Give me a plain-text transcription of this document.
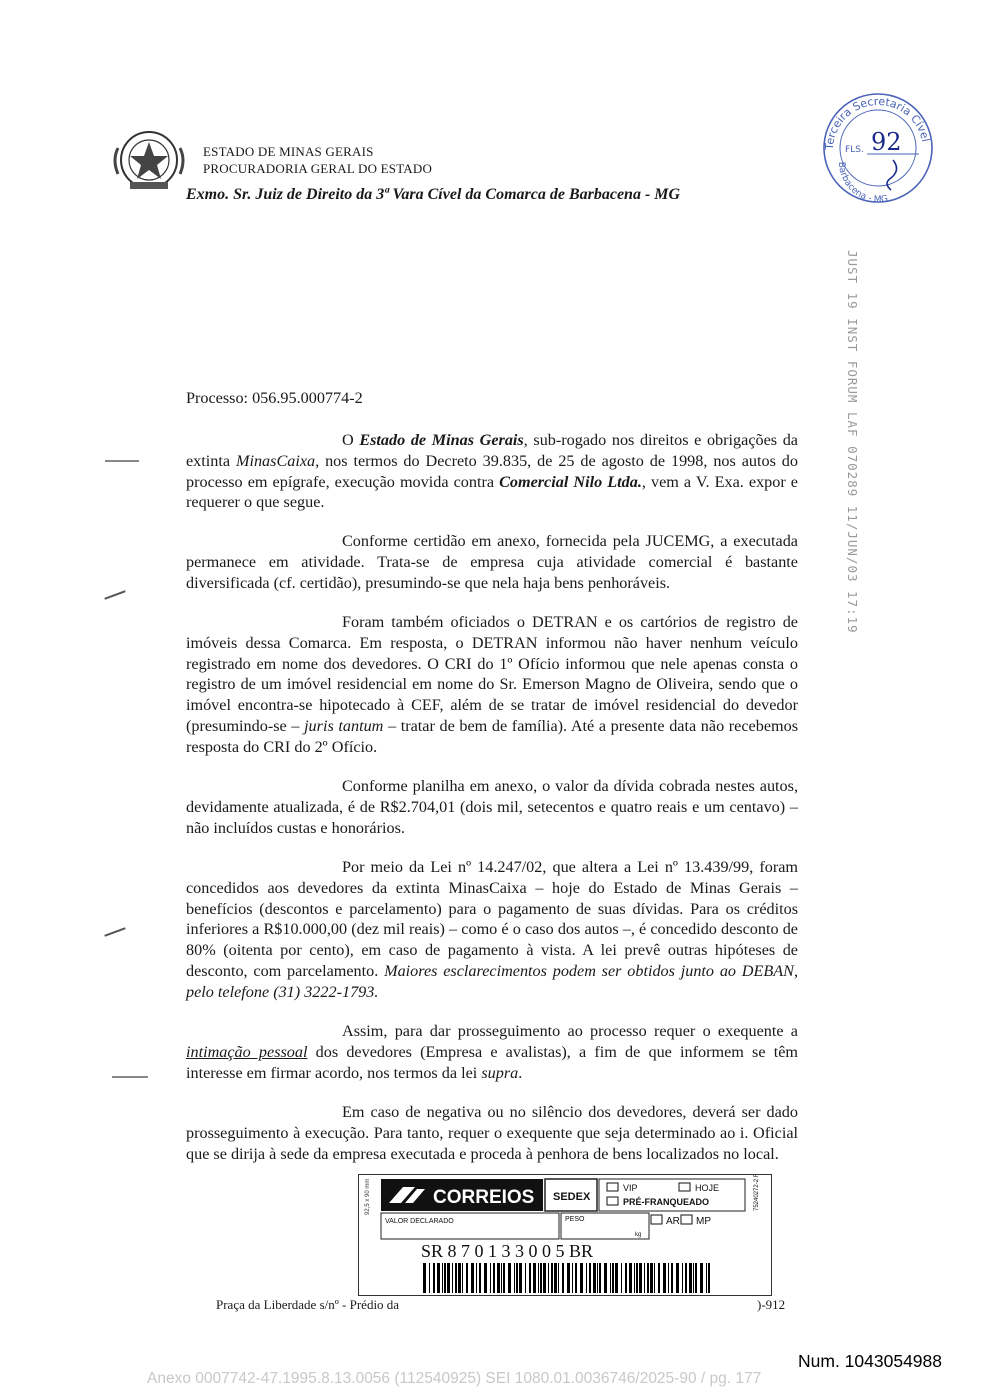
ESTADO DE MINAS GERAIS
PROCURADORIA GERAL DO ESTADO
Exmo. Sr. Juiz de Direito da 3ª Vara Cível da Comarca de Barbacena - MG
Terceira Secretaria Cível
Barbacena - MG
FLS. 92
JUST 19 INST FORUM LAF 070289 11/JUN/03 17:19
Processo: 056.95.000774-2
O Estado de Minas Gerais, sub-rogado nos direitos e obrigações da extinta MinasCaixa, nos termos do Decreto 39.835, de 25 de agosto de 1998, nos autos do processo em epígrafe, execução movida contra Comercial Nilo Ltda., vem a V. Exa. expor e requerer o que segue.
Conforme certidão em anexo, fornecida pela JUCEMG, a executada permanece em atividade. Trata-se de empresa cuja atividade comercial é bastante diversificada (cf. certidão), presumindo-se que nela haja bens penhoráveis.
Foram também oficiados o DETRAN e os cartórios de registro de imóveis dessa Comarca. Em resposta, o DETRAN informou não haver nenhum veículo registrado em nome dos devedores. O CRI do 1º Ofício informou que nele apenas consta o registro de um imóvel residencial em nome do Sr. Emerson Magno de Oliveira, sendo que o imóvel encontra-se hipotecado à CEF, além de se tratar de imóvel residencial do devedor (presumindo-se – juris tantum – tratar de bem de família). Até a presente data não recebemos resposta do CRI do 2º Ofício.
Conforme planilha em anexo, o valor da dívida cobrada nestes autos, devidamente atualizada, é de R$2.704,01 (dois mil, setecentos e quatro reais e um centavo) – não incluídos custas e honorários.
Por meio da Lei nº 14.247/02, que altera a Lei nº 13.439/99, foram concedidos aos devedores da extinta MinasCaixa – hoje do Estado de Minas Gerais – benefícios (descontos e parcelamento) para o pagamento de suas dívidas. Para os créditos inferiores a R$10.000,00 (dez mil reais) – como é o caso dos autos –, é concedido desconto de 80% (oitenta por cento), em caso de pagamento à vista. A lei prevê outras hipóteses de desconto, com parcelamento. Maiores esclarecimentos podem ser obtidos junto ao DEBAN, pelo telefone (31) 3222-1793.
Assim, para dar prosseguimento ao processo requer o exequente a intimação pessoal dos devedores (Empresa e avalistas), a fim de que informem se têm interesse em firmar acordo, nos termos da lei supra.
Em caso de negativa ou no silêncio dos devedores, deverá ser dado prosseguimento à execução. Para tanto, requer o exequente que seja determinado ao i. Oficial que se dirija à sede da empresa executada e proceda à penhora de bens localizados no local.
92,5 x 90 mm	CORREIOS SEDEX
VIP	HOJE
PRÉ-FRANQUEADO	75240272-2 FC0531/21
VALOR DECLARADO	PESO
kg
AR MP
SR 8 7 0 1 3 3 0 0 5 BR
Praça da Liberdade s/nº - Prédio da	)-912
Num. 1043054988
Anexo 0007742-47.1995.8.13.0056 (112540925) SEI 1080.01.0036746/2025-90 / pg. 177
